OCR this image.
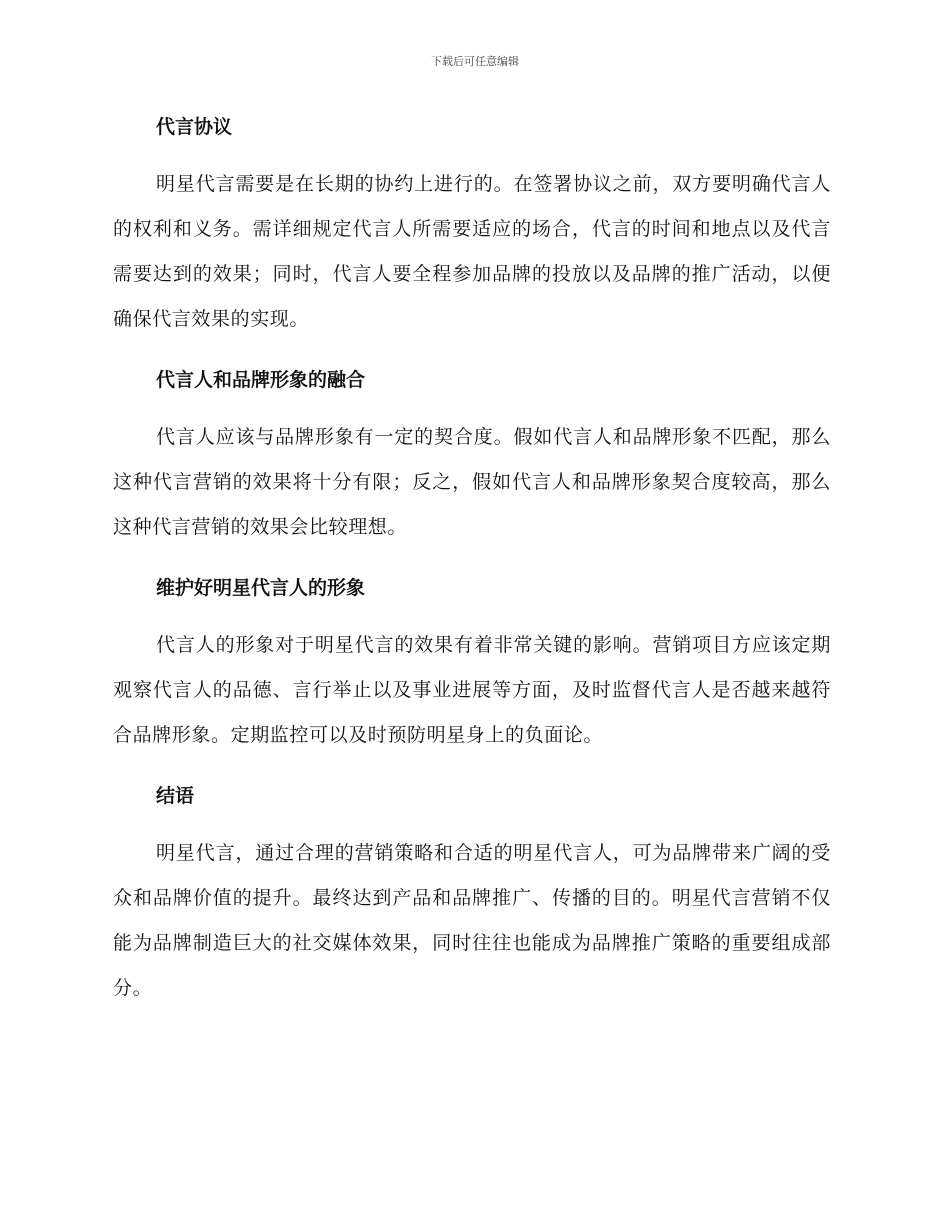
下载后可任意编辑
代言协议

明星代言需要是在长期的协约上进行的。在签署协议之前，双方要明确代言人的权利和义务。需详细规定代言人所需要适应的场合，代言的时间和地点以及代言需要达到的效果；同时，代言人要全程参加品牌的投放以及品牌的推广活动，以便确保代言效果的实现。

代言人和品牌形象的融合

代言人应该与品牌形象有一定的契合度。假如代言人和品牌形象不匹配，那么这种代言营销的效果将十分有限；反之，假如代言人和品牌形象契合度较高，那么这种代言营销的效果会比较理想。

维护好明星代言人的形象

代言人的形象对于明星代言的效果有着非常关键的影响。营销项目方应该定期观察代言人的品德、言行举止以及事业进展等方面，及时监督代言人是否越来越符合品牌形象。定期监控可以及时预防明星身上的负面论。

结语

明星代言，通过合理的营销策略和合适的明星代言人，可为品牌带来广阔的受众和品牌价值的提升。最终达到产品和品牌推广、传播的目的。明星代言营销不仅能为品牌制造巨大的社交媒体效果，同时往往也能成为品牌推广策略的重要组成部分。
